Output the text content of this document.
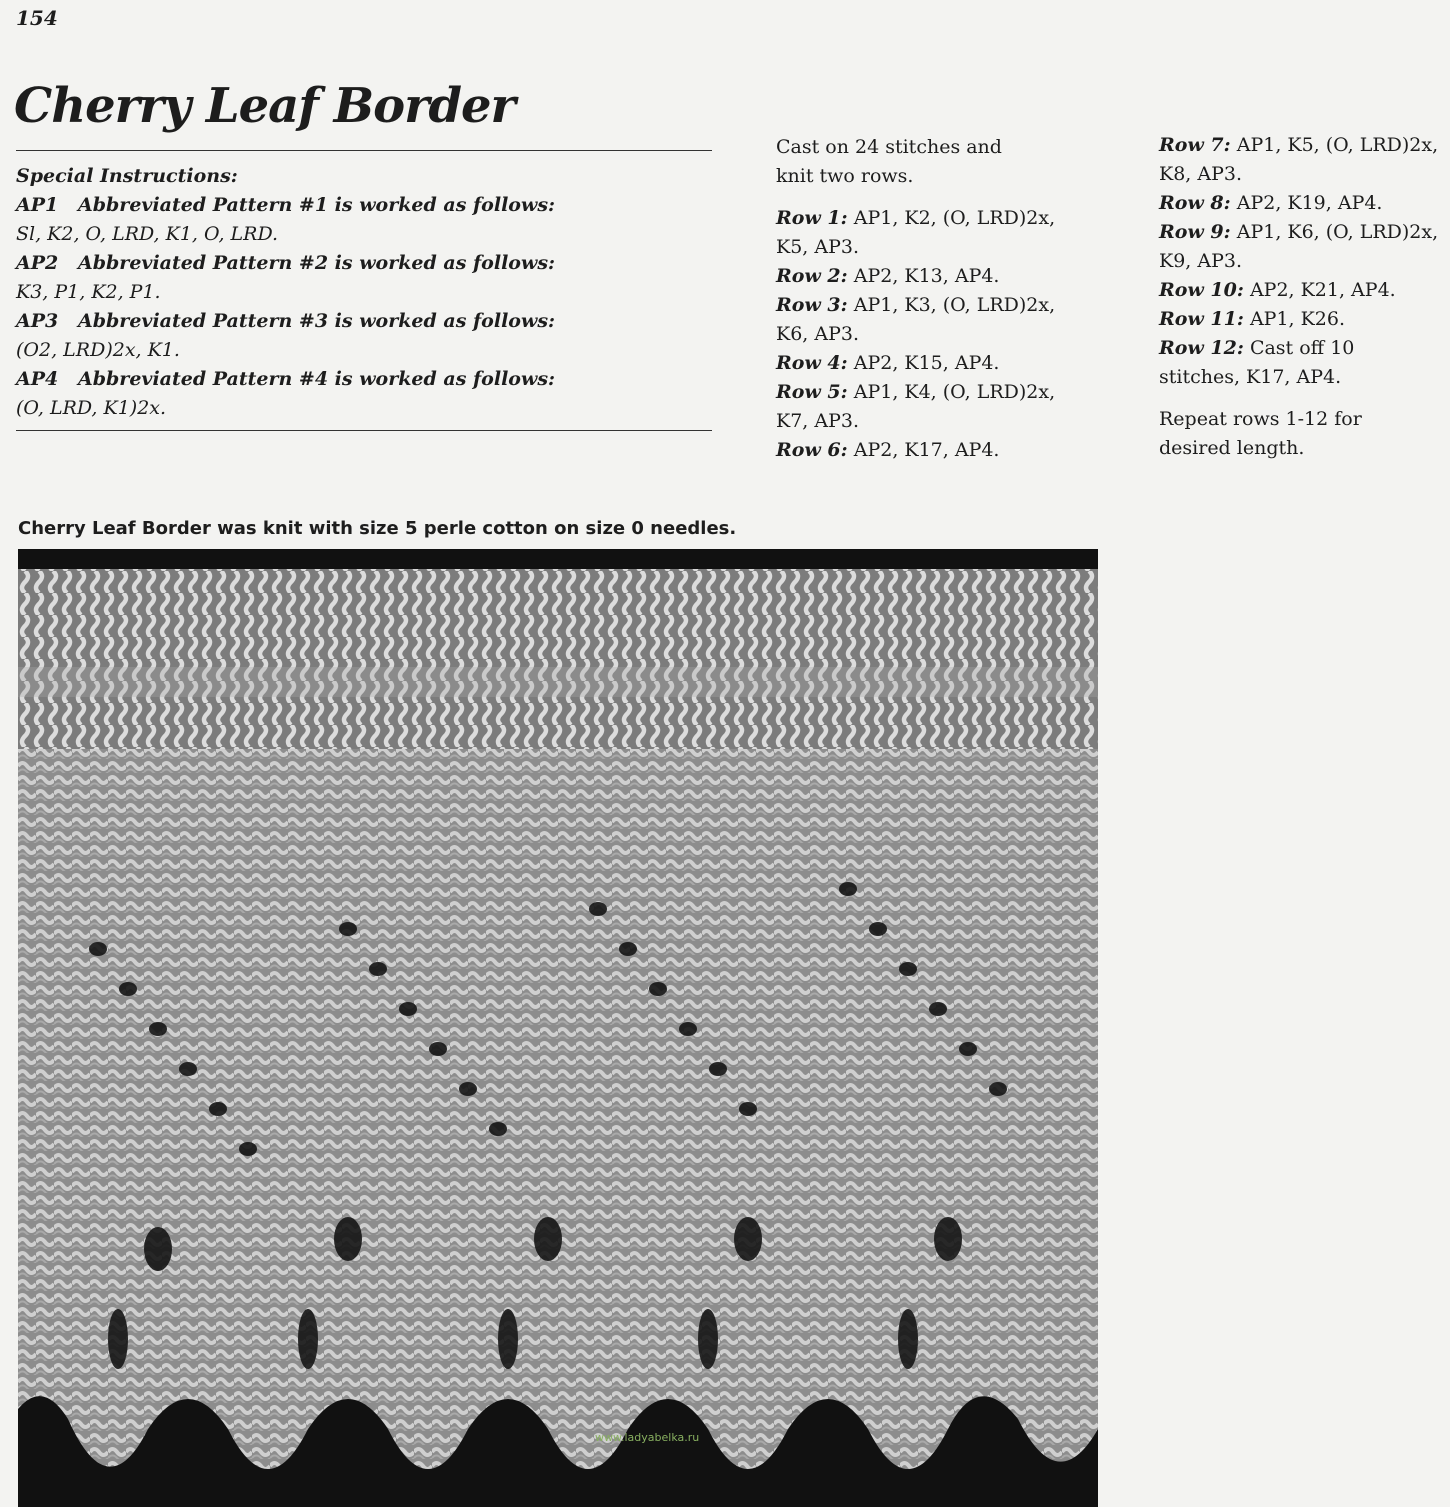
154
Cherry Leaf Border
Special Instructions:
AP1 Abbreviated Pattern #1 is worked as follows:
Sl, K2, O, LRD, K1, O, LRD.
AP2 Abbreviated Pattern #2 is worked as follows:
K3, P1, K2, P1.
AP3 Abbreviated Pattern #3 is worked as follows:
(O2, LRD)2x, K1.
AP4 Abbreviated Pattern #4 is worked as follows:
(O, LRD, K1)2x.

Cast on 24 stitches and

knit two rows.

Row 1: AP1, K2, (O, LRD)2x,

K5, AP3.

Row 2: AP2, K13, AP4.

Row 3: AP1, K3, (O, LRD)2x,

K6, AP3.

Row 4: AP2, K15, AP4.

Row 5: AP1, K4, (O, LRD)2x,

K7, AP3.

Row 6: AP2, K17, AP4.

Row 7: AP1, K5, (O, LRD)2x,

K8, AP3.

Row 8: AP2, K19, AP4.

Row 9: AP1, K6, (O, LRD)2x,

K9, AP3.

Row 10: AP2, K21, AP4.

Row 11: AP1, K26.

Row 12: Cast off 10

stitches, K17, AP4.

Repeat rows 1-12 for

desired length.

Cherry Leaf Border was knit with size 5 perle cotton on size 0 needles.
www.ladyabelka.ru
